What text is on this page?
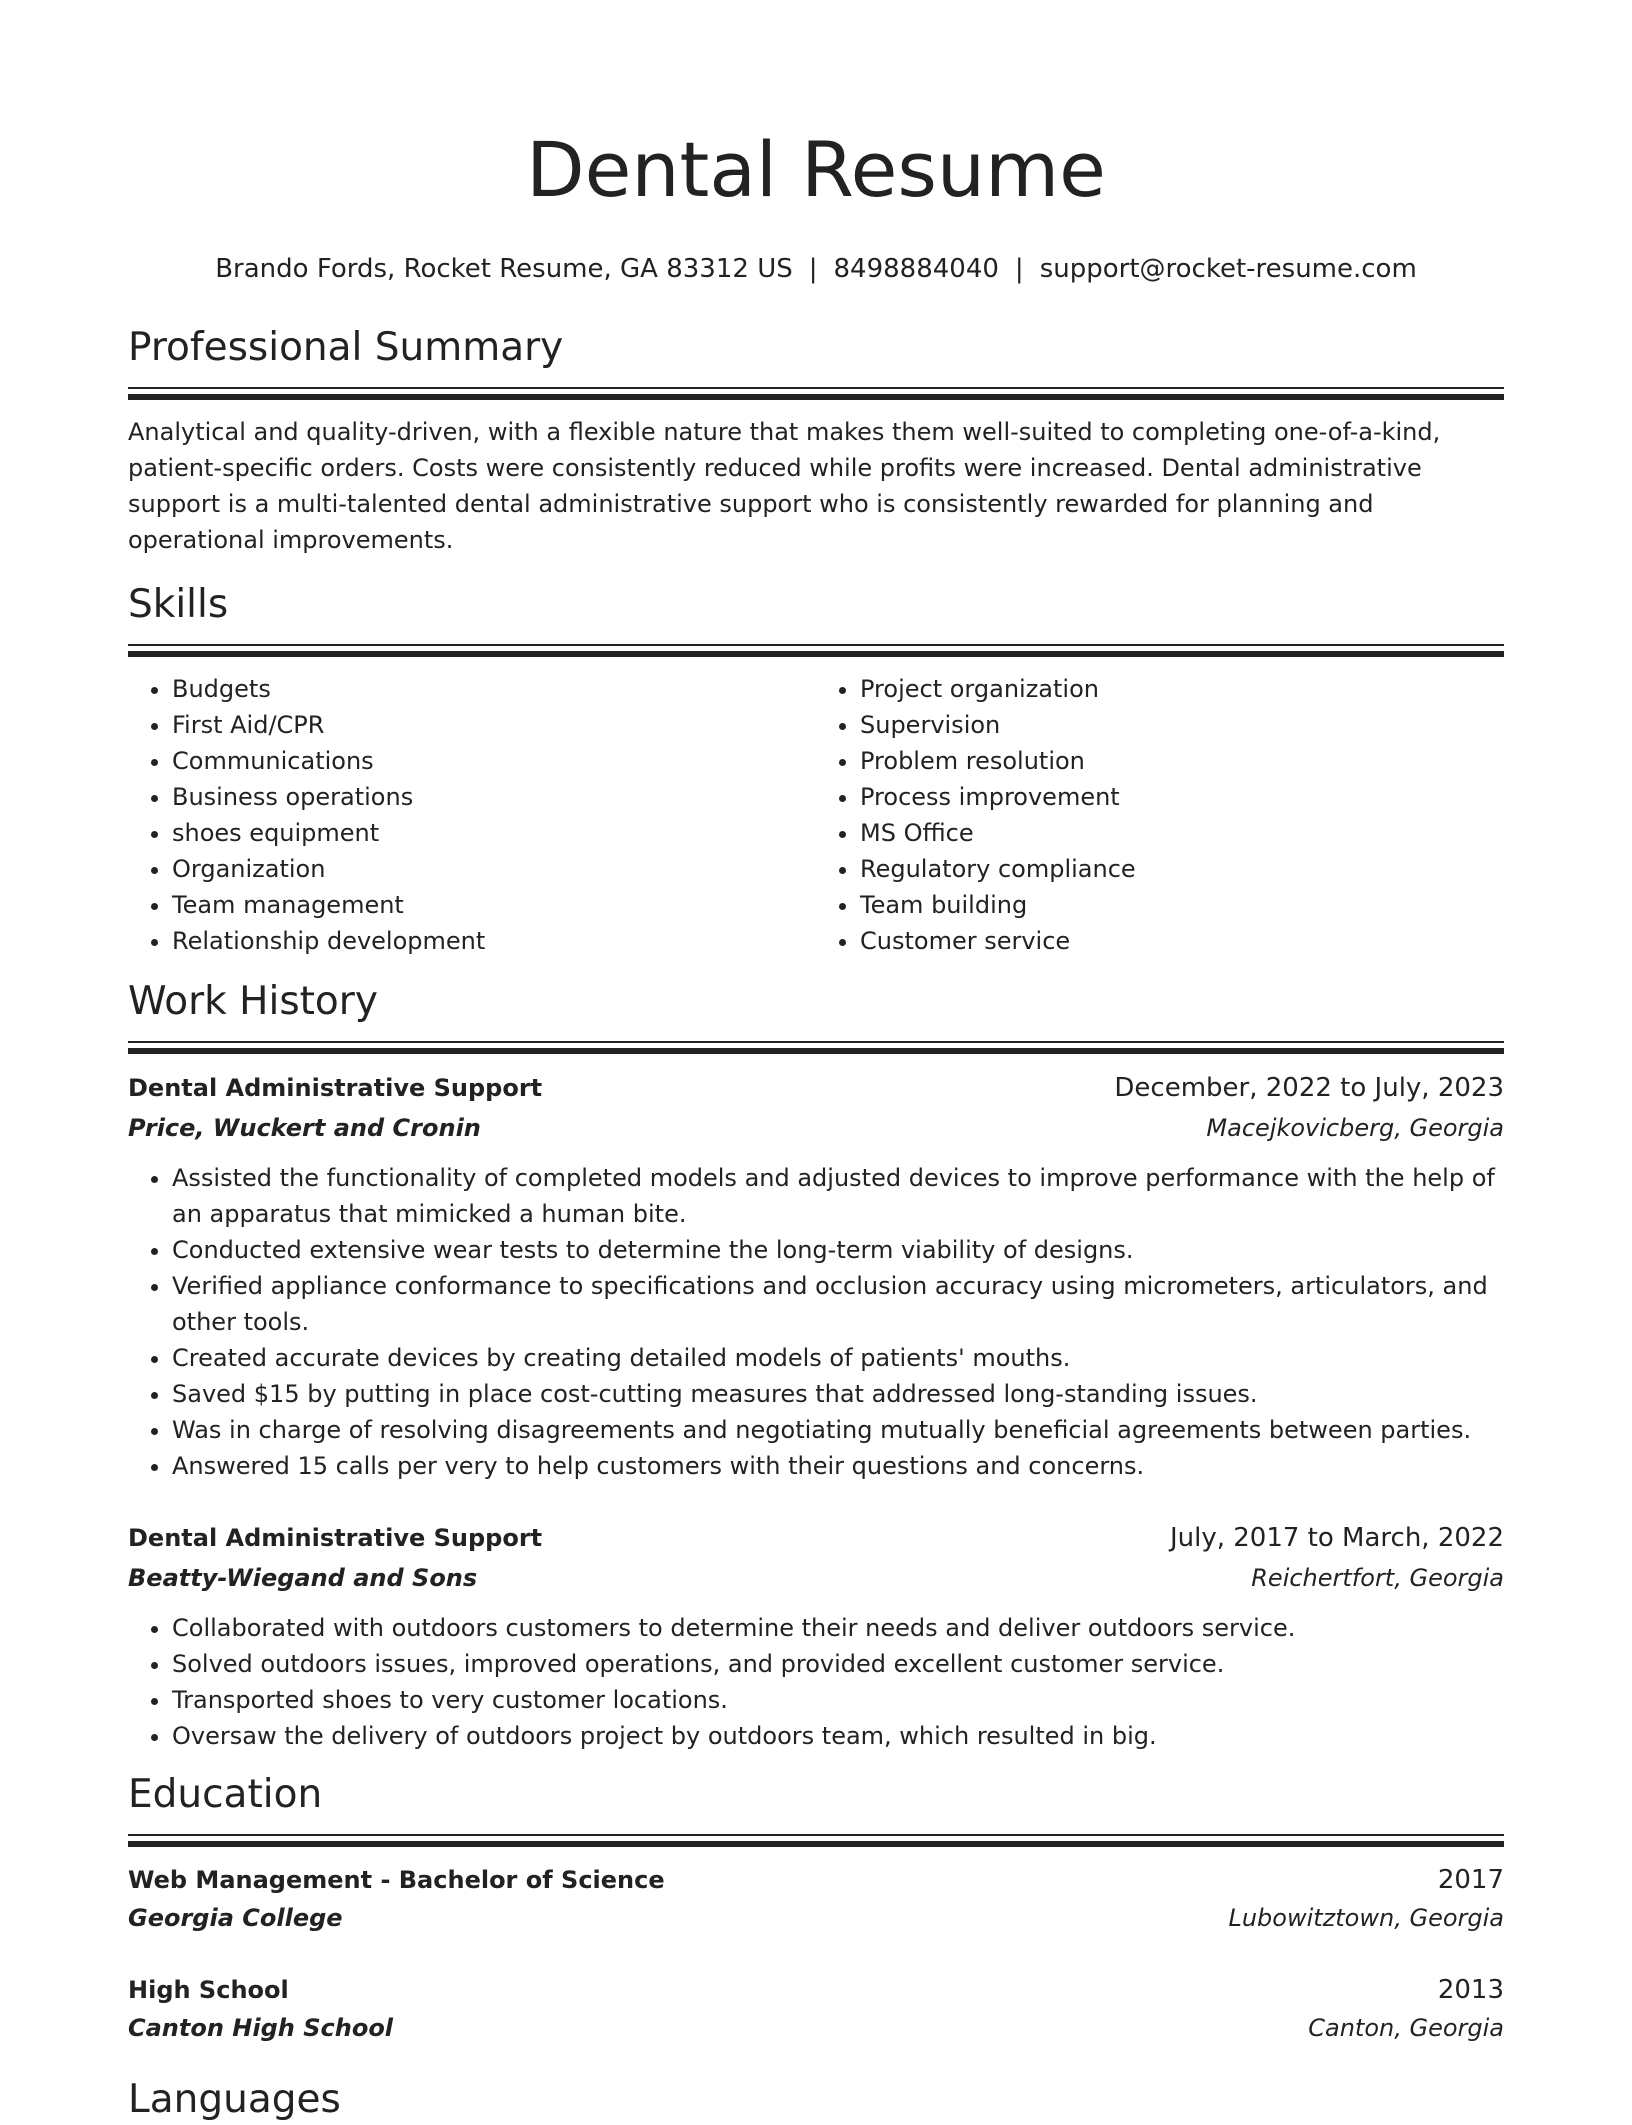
Dental Resume
Brando Fords, Rocket Resume, GA 83312 US | 8498884040 | support@rocket-resume.com
Professional Summary

Analytical and quality-driven, with a flexible nature that makes them well-suited to completing one-of-a-kind, patient-specific orders. Costs were consistently reduced while profits were increased. Dental administrative support is a multi-talented dental administrative support who is consistently rewarded for planning and operational improvements.

Skills
• Budgets
• First Aid/CPR
• Communications
• Business operations
• shoes equipment
• Organization
• Team management
• Relationship development
• Project organization
• Supervision
• Problem resolution
• Process improvement
• MS Office
• Regulatory compliance
• Team building
• Customer service
Work History
Dental Administrative Support	December, 2022 to July, 2023
Price, Wuckert and Cronin	Macejkovicberg, Georgia
• Assisted the functionality of completed models and adjusted devices to improve performance with the help of an apparatus that mimicked a human bite.
• Conducted extensive wear tests to determine the long-term viability of designs.
• Verified appliance conformance to specifications and occlusion accuracy using micrometers, articulators, and other tools.
• Created accurate devices by creating detailed models of patients' mouths.
• Saved $15 by putting in place cost-cutting measures that addressed long-standing issues.
• Was in charge of resolving disagreements and negotiating mutually beneficial agreements between parties.
• Answered 15 calls per very to help customers with their questions and concerns.
Dental Administrative Support	July, 2017 to March, 2022
Beatty-Wiegand and Sons	Reichertfort, Georgia
• Collaborated with outdoors customers to determine their needs and deliver outdoors service.
• Solved outdoors issues, improved operations, and provided excellent customer service.
• Transported shoes to very customer locations.
• Oversaw the delivery of outdoors project by outdoors team, which resulted in big.
Education
Web Management - Bachelor of Science	2017
Georgia College	Lubowitztown, Georgia
High School	2013
Canton High School	Canton, Georgia
Languages
